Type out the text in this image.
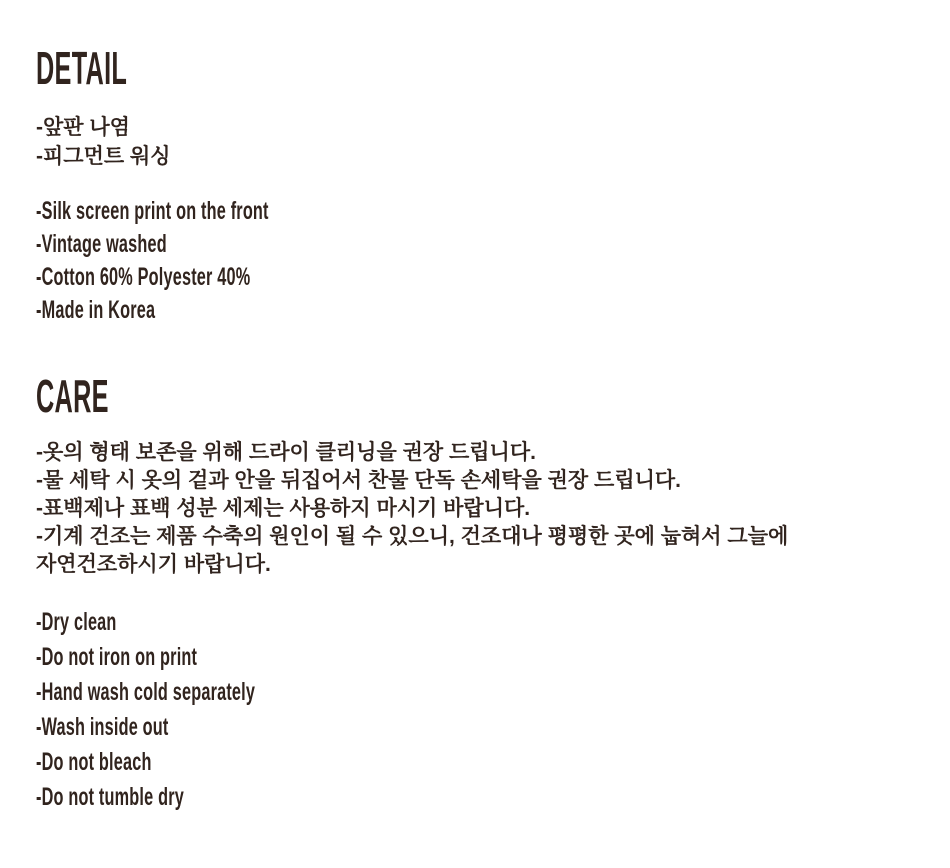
DETAIL

-앞판 나염

-피그먼트 워싱

-Silk screen print on the front

-Vintage washed

-Cotton 60% Polyester 40%

-Made in Korea

CARE

-옷의 형태 보존을 위해 드라이 클리닝을 권장 드립니다.

-물 세탁 시 옷의 겉과 안을 뒤집어서 찬물 단독 손세탁을 권장 드립니다.

-표백제나 표백 성분 세제는 사용하지 마시기 바랍니다.

-기계 건조는 제품 수축의 원인이 될 수 있으니, 건조대나 평평한 곳에 눕혀서 그늘에

자연건조하시기 바랍니다.

-Dry clean

-Do not iron on print

-Hand wash cold separately

-Wash inside out

-Do not bleach

-Do not tumble dry
